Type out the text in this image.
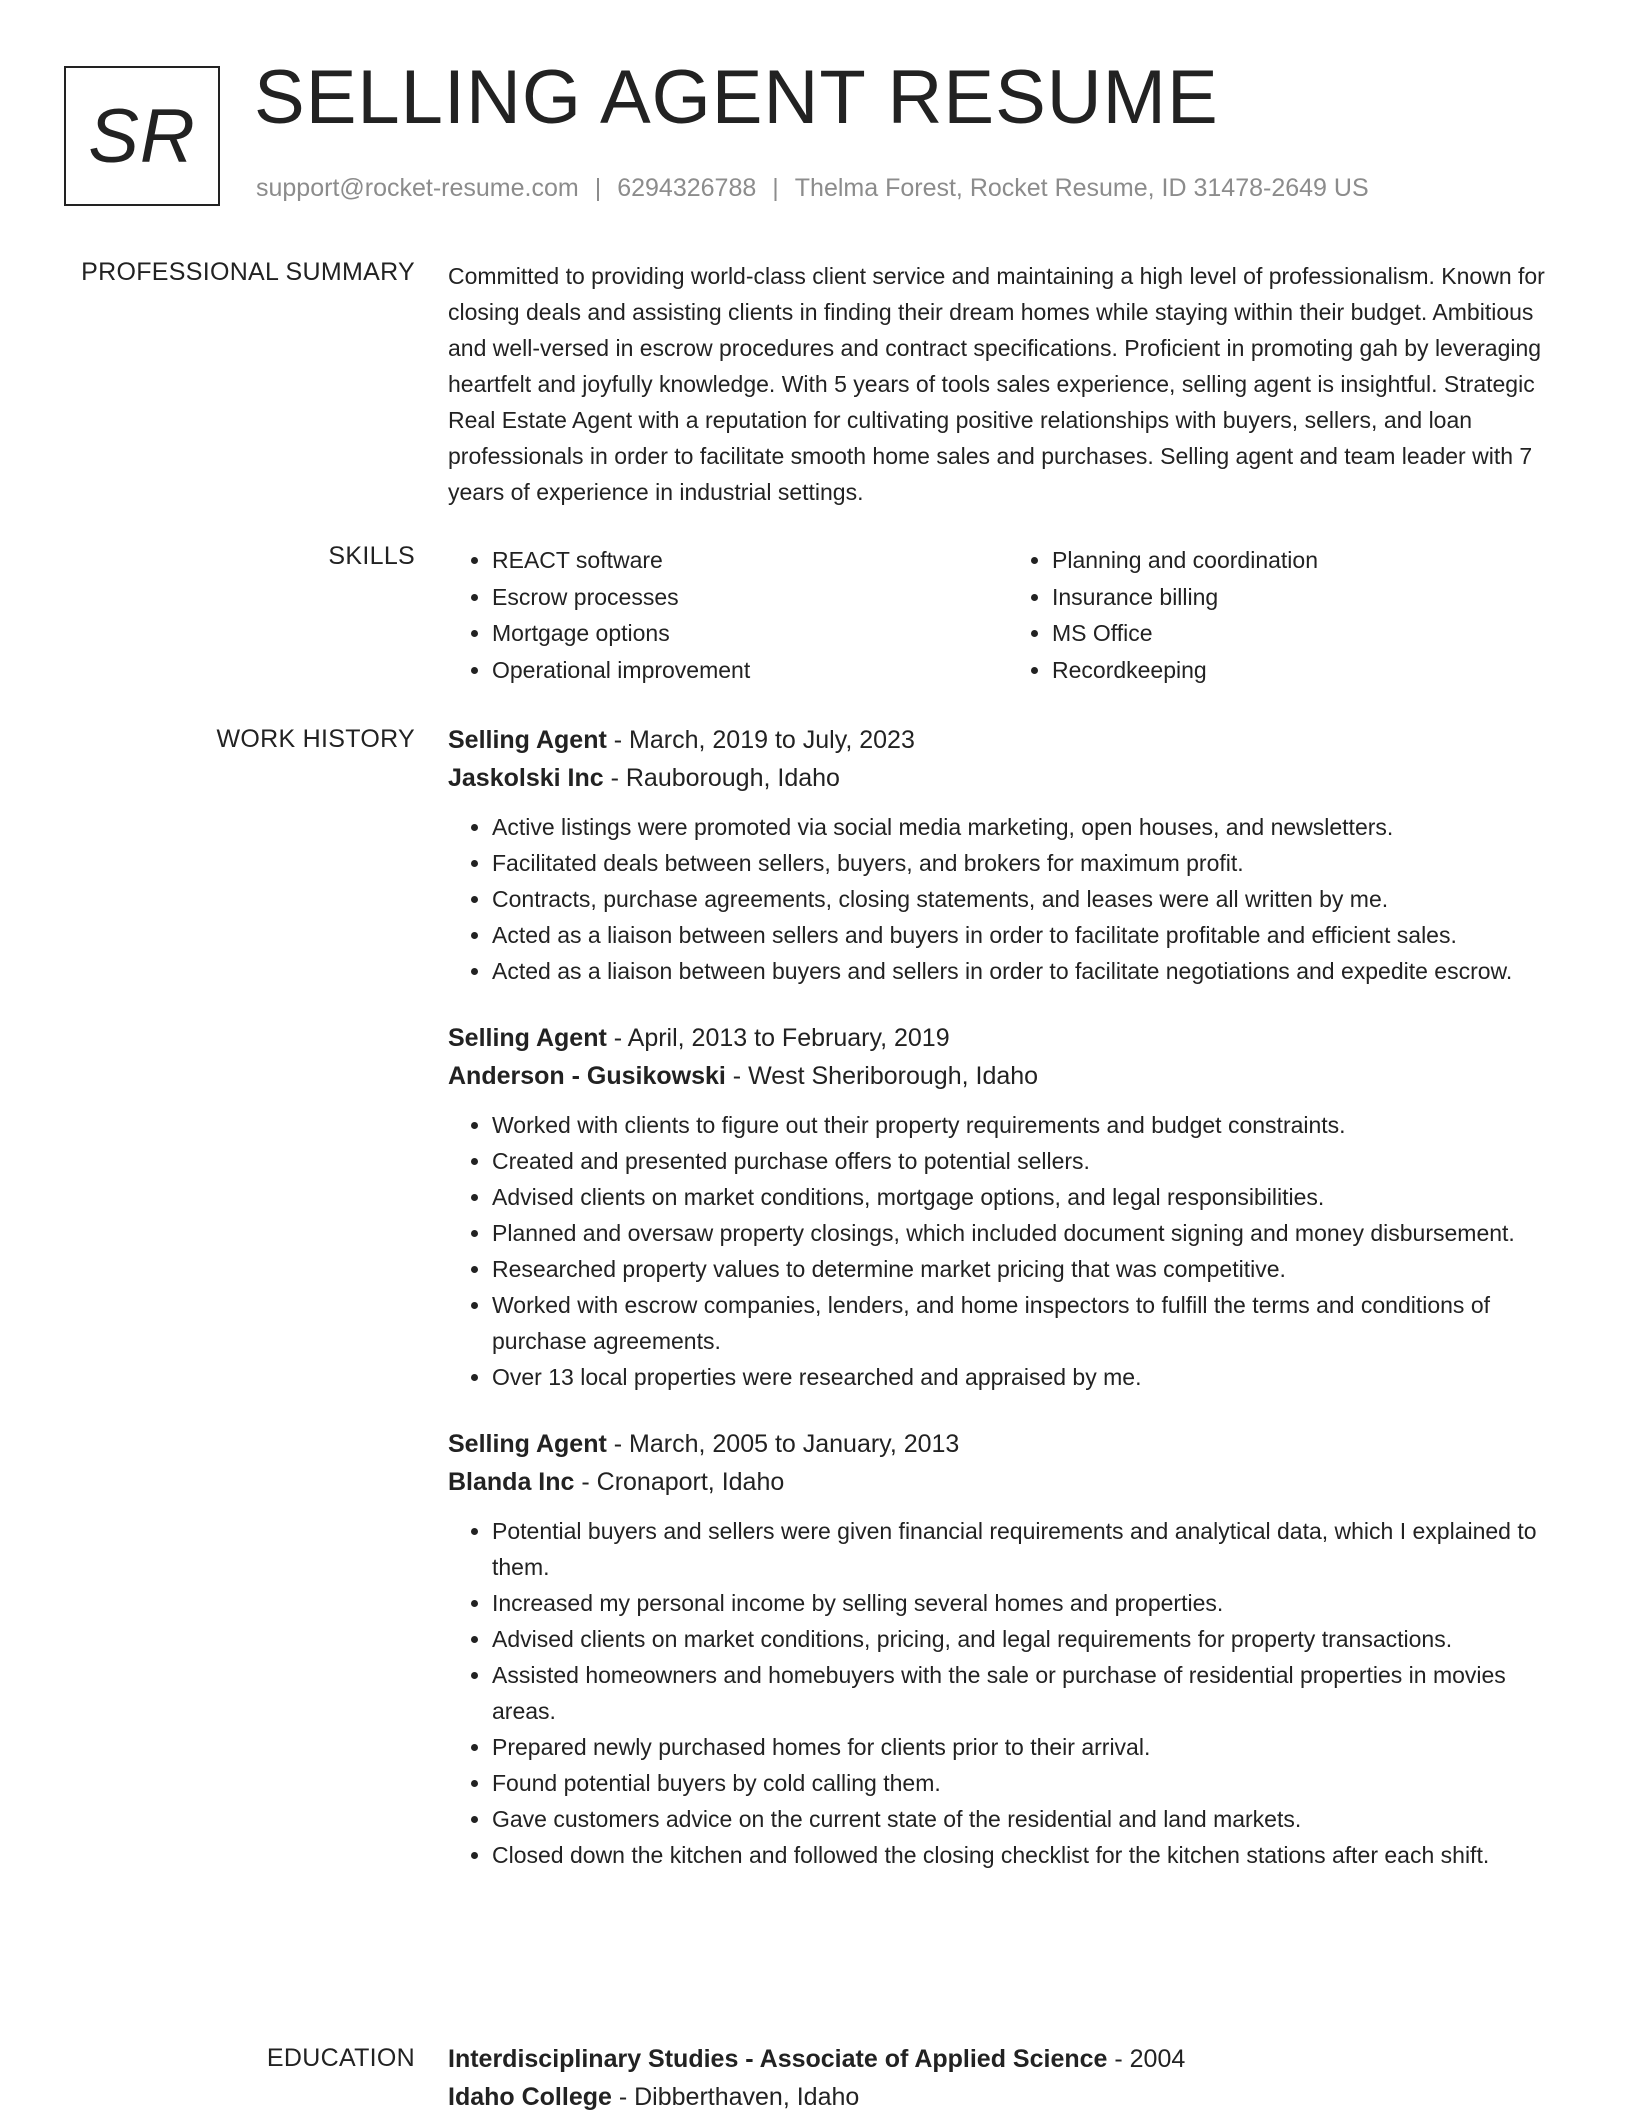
SR SELLING AGENT RESUME
support@rocket-resume.com | 6294326788 | Thelma Forest, Rocket Resume, ID 31478-2649 US
PROFESSIONAL SUMMARY Committed to providing world-class client service and maintaining a high level of professionalism. Known for closing deals and assisting clients in finding their dream homes while staying within their budget. Ambitious and well-versed in escrow procedures and contract specifications. Proficient in promoting gah by leveraging heartfelt and joyfully knowledge. With 5 years of tools sales experience, selling agent is insightful. Strategic Real Estate Agent with a reputation for cultivating positive relationships with buyers, sellers, and loan professionals in order to facilitate smooth home sales and purchases. Selling agent and team leader with 7 years of experience in industrial settings.

SKILLS
•	REACT software
• Escrow processes
• Mortgage options
• Operational improvement
• Planning and coordination
• Insurance billing
• MS Office
• Recordkeeping
WORK HISTORY Selling Agent - March, 2019 to July, 2023
Jaskolski Inc - Rauborough, Idaho
• Active listings were promoted via social media marketing, open houses, and newsletters.
• Facilitated deals between sellers, buyers, and brokers for maximum profit.
• Contracts, purchase agreements, closing statements, and leases were all written by me.
• Acted as a liaison between sellers and buyers in order to facilitate profitable and efficient sales.
• Acted as a liaison between buyers and sellers in order to facilitate negotiations and expedite escrow.
Selling Agent - April, 2013 to February, 2019
Anderson - Gusikowski - West Sheriborough, Idaho
• Worked with clients to figure out their property requirements and budget constraints.
• Created and presented purchase offers to potential sellers.
• Advised clients on market conditions, mortgage options, and legal responsibilities.
• Planned and oversaw property closings, which included document signing and money disbursement.
• Researched property values to determine market pricing that was competitive.
• Worked with escrow companies, lenders, and home inspectors to fulfill the terms and conditions of purchase agreements.
• Over 13 local properties were researched and appraised by me.
Selling Agent - March, 2005 to January, 2013
Blanda Inc - Cronaport, Idaho
• Potential buyers and sellers were given financial requirements and analytical data, which I explained to them.
• Increased my personal income by selling several homes and properties.
• Advised clients on market conditions, pricing, and legal requirements for property transactions.
• Assisted homeowners and homebuyers with the sale or purchase of residential properties in movies areas.
• Prepared newly purchased homes for clients prior to their arrival.
• Found potential buyers by cold calling them.
• Gave customers advice on the current state of the residential and land markets.
• Closed down the kitchen and followed the closing checklist for the kitchen stations after each shift.
EDUCATION Interdisciplinary Studies - Associate of Applied Science - 2004
Idaho College - Dibberthaven, Idaho
